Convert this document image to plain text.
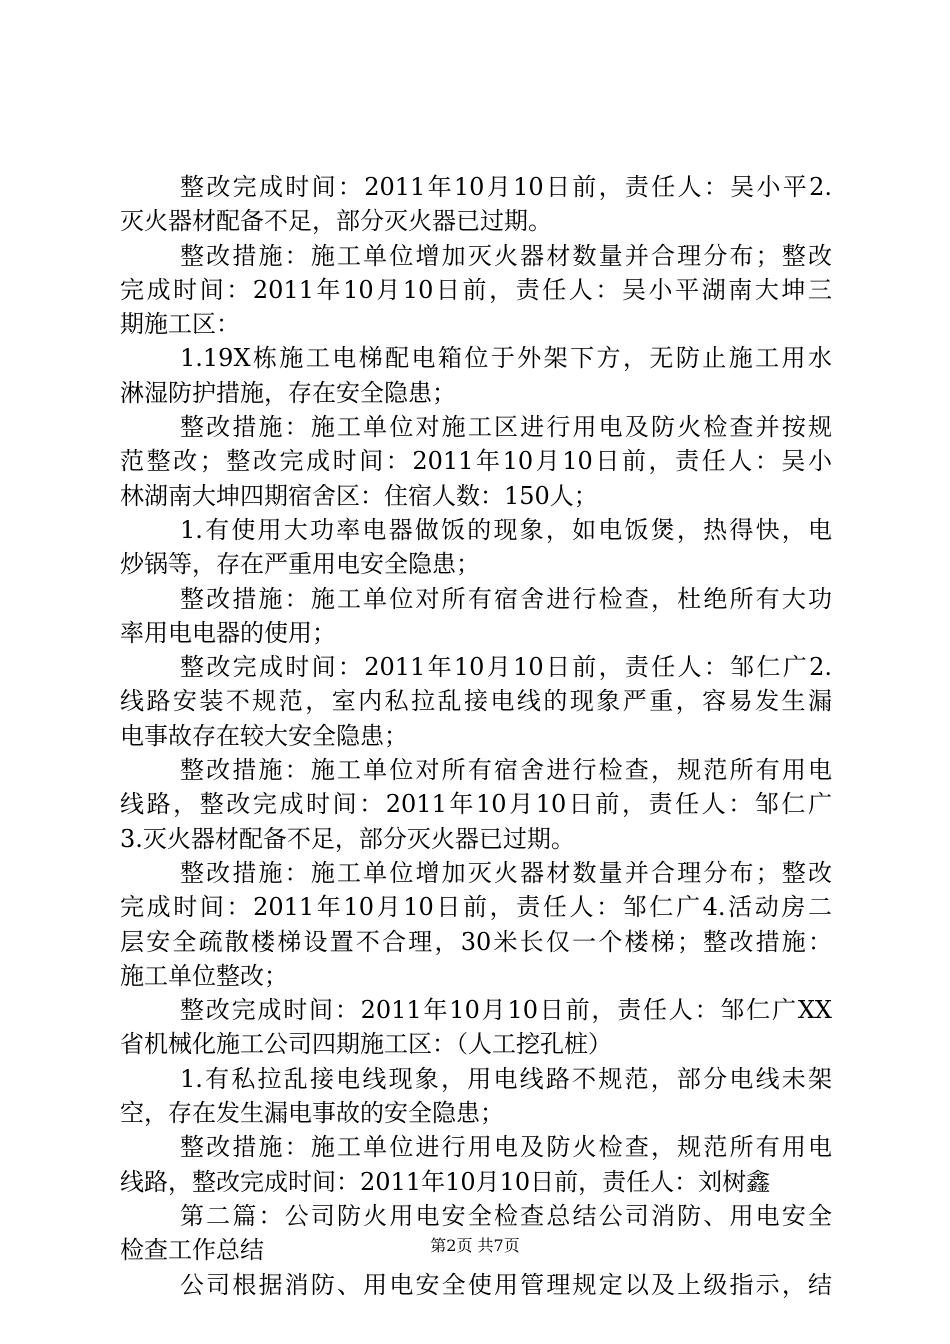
整改完成时间：2011年10月10日前，责任人：吴小平2.
灭火器材配备不足，部分灭火器已过期。
整改措施：施工单位增加灭火器材数量并合理分布；整改
完成时间：2011年10月10日前，责任人：吴小平湖南大坤三
期施工区：
1.19X栋施工电梯配电箱位于外架下方，无防止施工用水
淋湿防护措施，存在安全隐患；
整改措施：施工单位对施工区进行用电及防火检查并按规
范整改；整改完成时间：2011年10月10日前，责任人：吴小
林湖南大坤四期宿舍区：住宿人数：150人；
1.有使用大功率电器做饭的现象，如电饭煲，热得快，电
炒锅等，存在严重用电安全隐患；
整改措施：施工单位对所有宿舍进行检查，杜绝所有大功
率用电电器的使用；
整改完成时间：2011年10月10日前，责任人：邹仁广2.
线路安装不规范，室内私拉乱接电线的现象严重，容易发生漏
电事故存在较大安全隐患；
整改措施：施工单位对所有宿舍进行检查，规范所有用电
线路，整改完成时间：2011年10月10日前，责任人：邹仁广
3.灭火器材配备不足，部分灭火器已过期。
整改措施：施工单位增加灭火器材数量并合理分布；整改
完成时间：2011年10月10日前，责任人：邹仁广4.活动房二
层安全疏散楼梯设置不合理，30米长仅一个楼梯；整改措施：
施工单位整改；
整改完成时间：2011年10月10日前，责任人：邹仁广XX
省机械化施工公司四期施工区：（人工挖孔桩）
1.有私拉乱接电线现象，用电线路不规范，部分电线未架
空，存在发生漏电事故的安全隐患；
整改措施：施工单位进行用电及防火检查，规范所有用电
线路，整改完成时间：2011年10月10日前，责任人：刘树鑫
第二篇：公司防火用电安全检查总结公司消防、用电安全
检查工作总结
公司根据消防、用电安全使用管理规定以及上级指示，结
第2页 共7页
